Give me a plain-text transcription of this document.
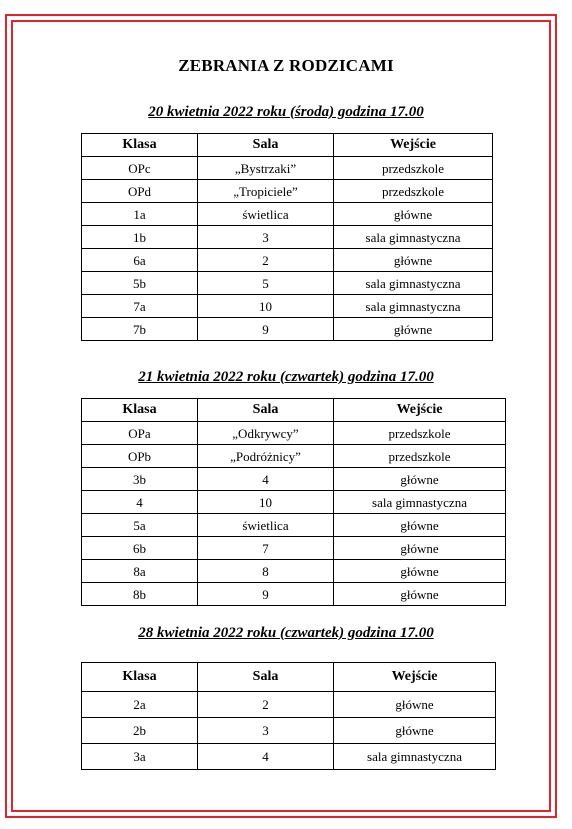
ZEBRANIA Z RODZICAMI
20 kwietnia 2022 roku (środa) godzina 17.00
Klasa	Sala	Wejście
OPc	„Bystrzaki”	przedszkole
OPd	„Tropiciele”	przedszkole
1a	świetlica	główne
1b	3	sala gimnastyczna
6a	2	główne
5b	5	sala gimnastyczna
7a	10	sala gimnastyczna
7b	9	główne
21 kwietnia 2022 roku (czwartek) godzina 17.00
Klasa	Sala	Wejście
OPa	„Odkrywcy”	przedszkole
OPb	„Podróżnicy”	przedszkole
3b	4	główne
4	10	sala gimnastyczna
5a	świetlica	główne
6b	7	główne
8a	8	główne
8b	9	główne
28 kwietnia 2022 roku (czwartek) godzina 17.00
Klasa	Sala	Wejście
2a	2	główne
2b	3	główne
3a	4	sala gimnastyczna
